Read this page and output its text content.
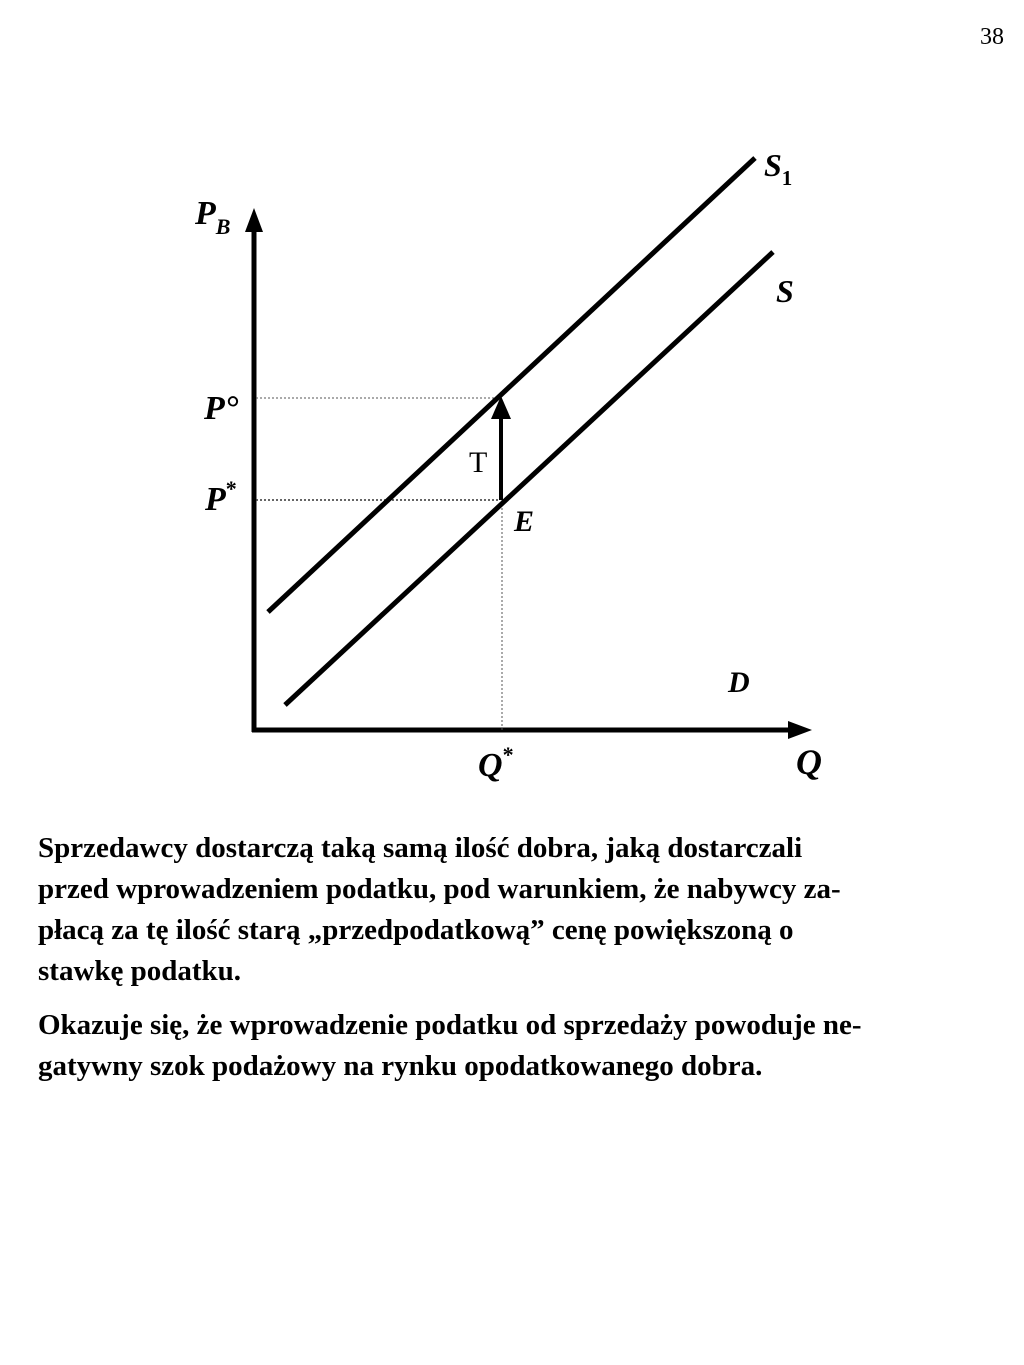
38
$P_B$
$S_1$
S
P°
T
P*
E
D
Q*	Q

Sprzedawcy dostarczą taką samą ilość dobra, jaką dostarczali
przed wprowadzeniem podatku, pod warunkiem, że nabywcy za-
płacą za tę ilość starą „przedpodatkową” cenę powiększoną o
stawkę podatku.

Okazuje się, że wprowadzenie podatku od sprzedaży powoduje ne-
gatywny szok podażowy na rynku opodatkowanego dobra.
